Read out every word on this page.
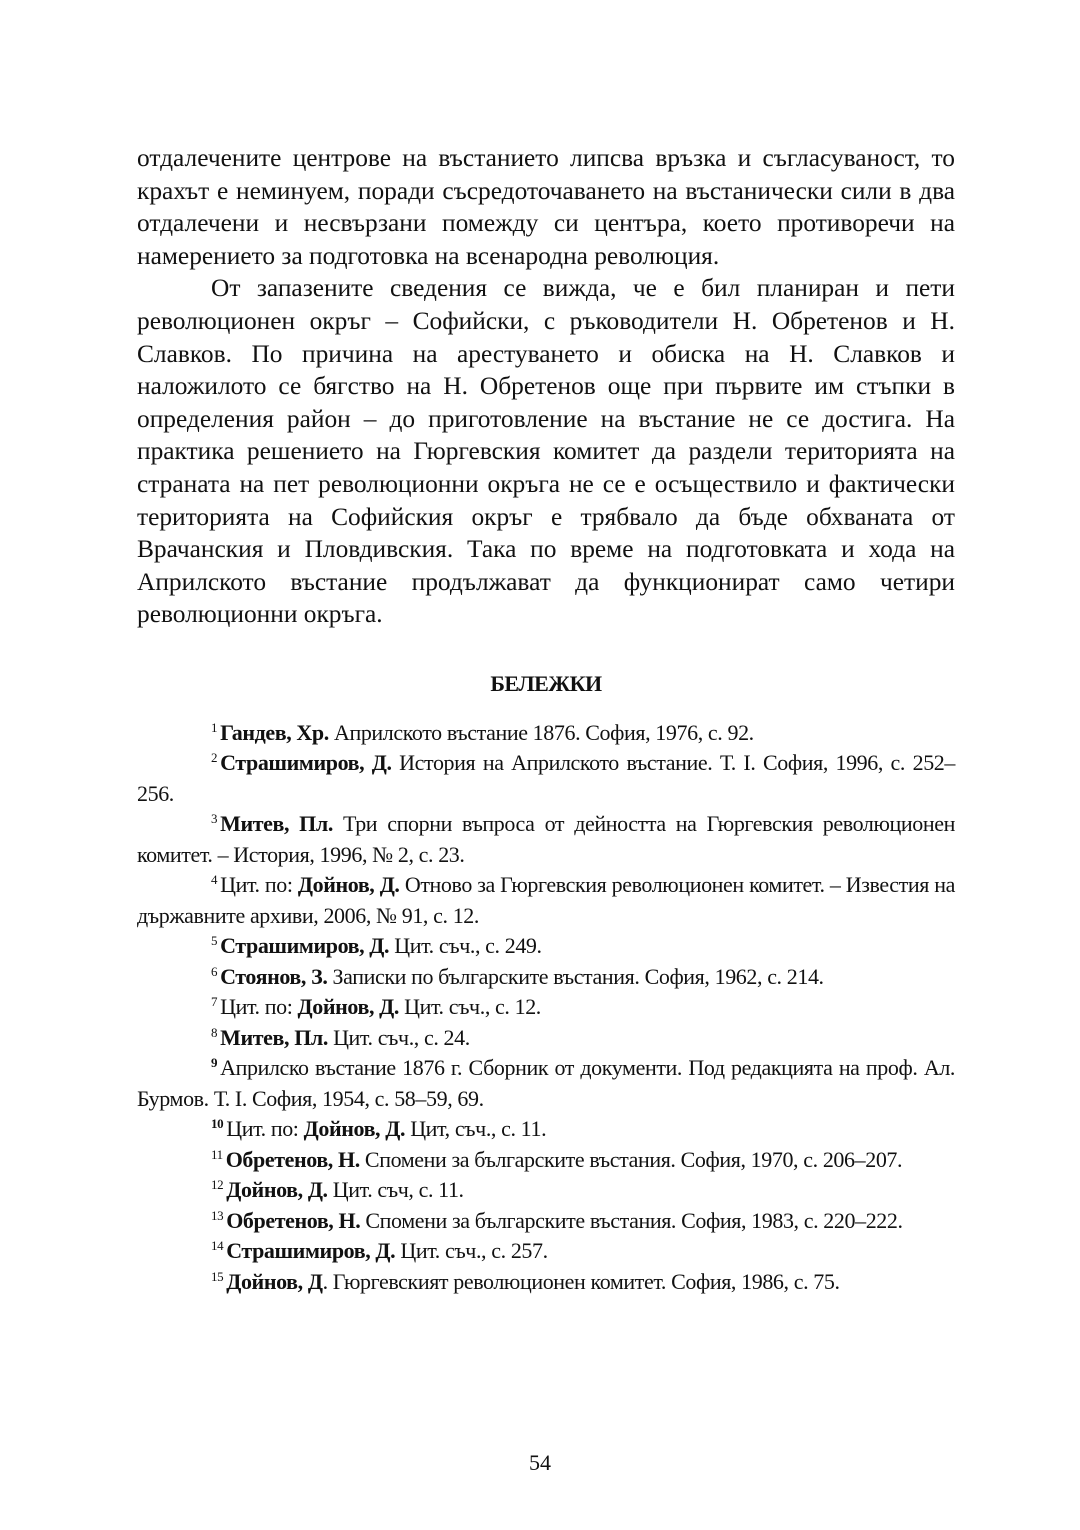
отдалечените центрове на въстанието липсва връзка и съгласуваност, то крахът е неминуем, поради съсредоточаването на въстанически сили в два отдалечени и несвързани помежду си центъра, което противоречи на намерението за подготовка на всенародна революция.

От запазените сведения се вижда, че е бил планиран и пети революционен окръг – Софийски, с ръководители Н. Обретенов и Н. Славков. По причина на арестуването и обиска на Н. Славков и наложилото се бягство на Н. Обретенов още при първите им стъпки в определения район – до приготовление на въстание не се достига. На практика решението на Гюргевския комитет да раздели територията на страната на пет революционни окръга не се е осъществило и фактически територията на Софийския окръг е трябвало да бъде обхваната от Врачанския и Пловдивския. Така по време на подготовката и хода на Априлското въстание продължават да функционират само четири революционни окръга.

БЕЛЕЖКИ

$^1$ Гандев, Хр. Априлското въстание 1876. София, 1976, с. 92.

$^2$ Страшимиров, Д. История на Априлското въстание. Т. I. София, 1996, с. 252–256.

$^3$ Митев, Пл. Три спорни въпроса от дейността на Гюргевския революционен комитет. – История, 1996, № 2, с. 23.

$^4$ Цит. по: Дойнов, Д. Отново за Гюргевския революционен комитет. – Известия на държавните архиви, 2006, № 91, с. 12.

$^5$ Страшимиров, Д. Цит. съч., с. 249.

$^6$ Стоянов, З. Записки по българските въстания. София, 1962, с. 214.

$^7$ Цит. по: Дойнов, Д. Цит. съч., с. 12.

$^8$ Митев, Пл. Цит. съч., с. 24.

$^9$ Априлско въстание 1876 г. Сборник от документи. Под редакцията на проф. Ал. Бурмов. Т. I. София, 1954, с. 58–59, 69.

$^{10}$ Цит. по: Дойнов, Д. Цит, съч., с. 11.

$^{11}$ Обретенов, Н. Спомени за българските въстания. София, 1970, с. 206–207.

$^{12}$ Дойнов, Д. Цит. съч, с. 11.

$^{13}$ Обретенов, Н. Спомени за българските въстания. София, 1983, с. 220–222.

$^{14}$ Страшимиров, Д. Цит. съч., с. 257.

$^{15}$ Дойнов, Д. Гюргевският революционен комитет. София, 1986, с. 75.

54
